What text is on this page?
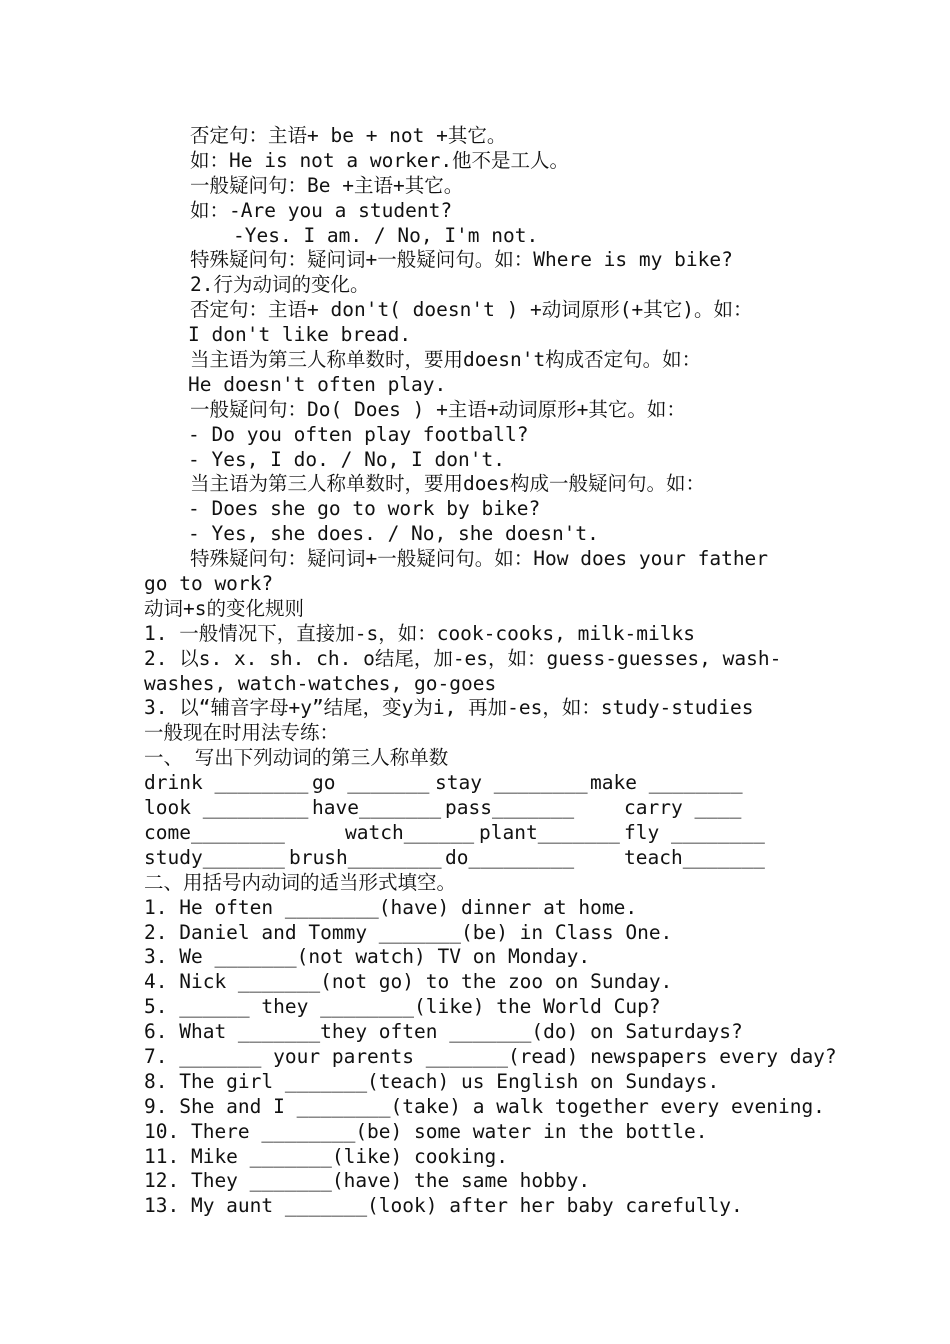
否定句：主语+ be + not +其它。
如：He is not a worker.他不是工人。
一般疑问句：Be +主语+其它。
如：-Are you a student?
-Yes. I am. / No, I'm not.
特殊疑问句：疑问词+一般疑问句。如：Where is my bike?
2.行为动词的变化。
否定句：主语+ don't( doesn't ) +动词原形(+其它)。如：
I don't like bread.
当主语为第三人称单数时，要用doesn't构成否定句。如：
He doesn't often play.
一般疑问句：Do( Does ) +主语+动词原形+其它。如：
- Do you often play football?
- Yes, I do. / No, I don't.
当主语为第三人称单数时，要用does构成一般疑问句。如：
- Does she go to work by bike?
- Yes, she does. / No, she doesn't.
特殊疑问句：疑问词+一般疑问句。如：How does your father
go to work?
动词+s的变化规则
1. 一般情况下，直接加-s，如：cook-cooks, milk-milks
2. 以s. x. sh. ch. o结尾，加-es，如：guess-guesses, wash-
washes, watch-watches, go-goes
3. 以“辅音字母+y”结尾，变y为i, 再加-es，如：study-studies
一般现在时用法专练：
一、 写出下列动词的第三人称单数
drink ________ go _______ stay ________ make ________
look _________ have_______ pass_______	carry ____
come________	watch______ plant_______ fly ________
study_______ brush________ do_________	teach_______
二、用括号内动词的适当形式填空。
1. He often ________(have) dinner at home.
2. Daniel and Tommy _______(be) in Class One.
3. We _______(not watch) TV on Monday.
4. Nick _______(not go) to the zoo on Sunday.
5. ______ they ________(like) the World Cup?
6. What _______they often _______(do) on Saturdays?
7. _______ your parents _______(read) newspapers every day?
8. The girl _______(teach) us English on Sundays.
9. She and I ________(take) a walk together every evening.
10. There ________(be) some water in the bottle.
11. Mike _______(like) cooking.
12. They _______(have) the same hobby.
13. My aunt _______(look) after her baby carefully.
